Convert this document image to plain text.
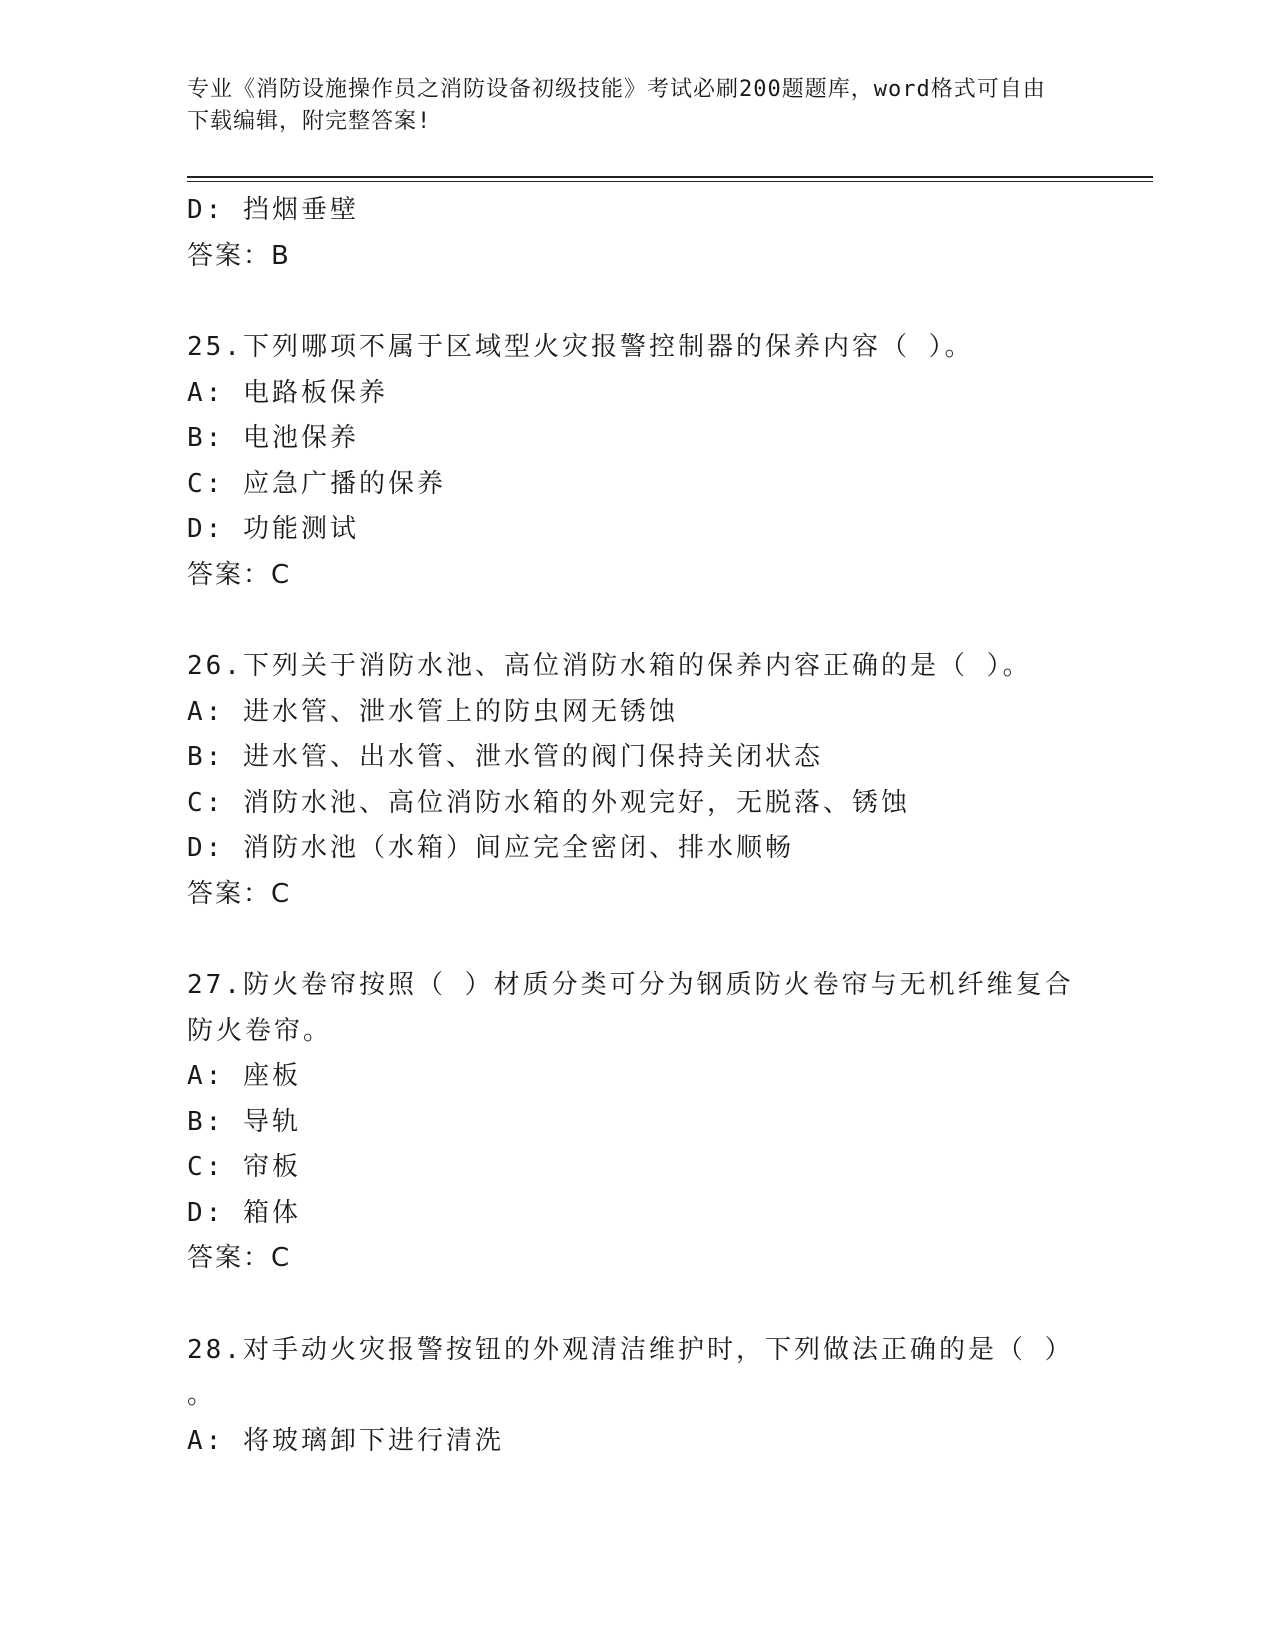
专业《消防设施操作员之消防设备初级技能》考试必刷200题题库，word格式可自由下载编辑，附完整答案!
D: 挡烟垂壁
答案：B
25.下列哪项不属于区域型火灾报警控制器的保养内容（ ）。
A: 电路板保养
B: 电池保养
C: 应急广播的保养
D: 功能测试
答案：C
26.下列关于消防水池、高位消防水箱的保养内容正确的是（ ）。
A: 进水管、泄水管上的防虫网无锈蚀
B: 进水管、出水管、泄水管的阀门保持关闭状态
C: 消防水池、高位消防水箱的外观完好，无脱落、锈蚀
D: 消防水池（水箱）间应完全密闭、排水顺畅
答案：C
27.防火卷帘按照（ ）材质分类可分为钢质防火卷帘与无机纤维复合
防火卷帘。
A: 座板
B: 导轨
C: 帘板
D: 箱体
答案：C
28.对手动火灾报警按钮的外观清洁维护时，下列做法正确的是（ ）
。
A: 将玻璃卸下进行清洗
